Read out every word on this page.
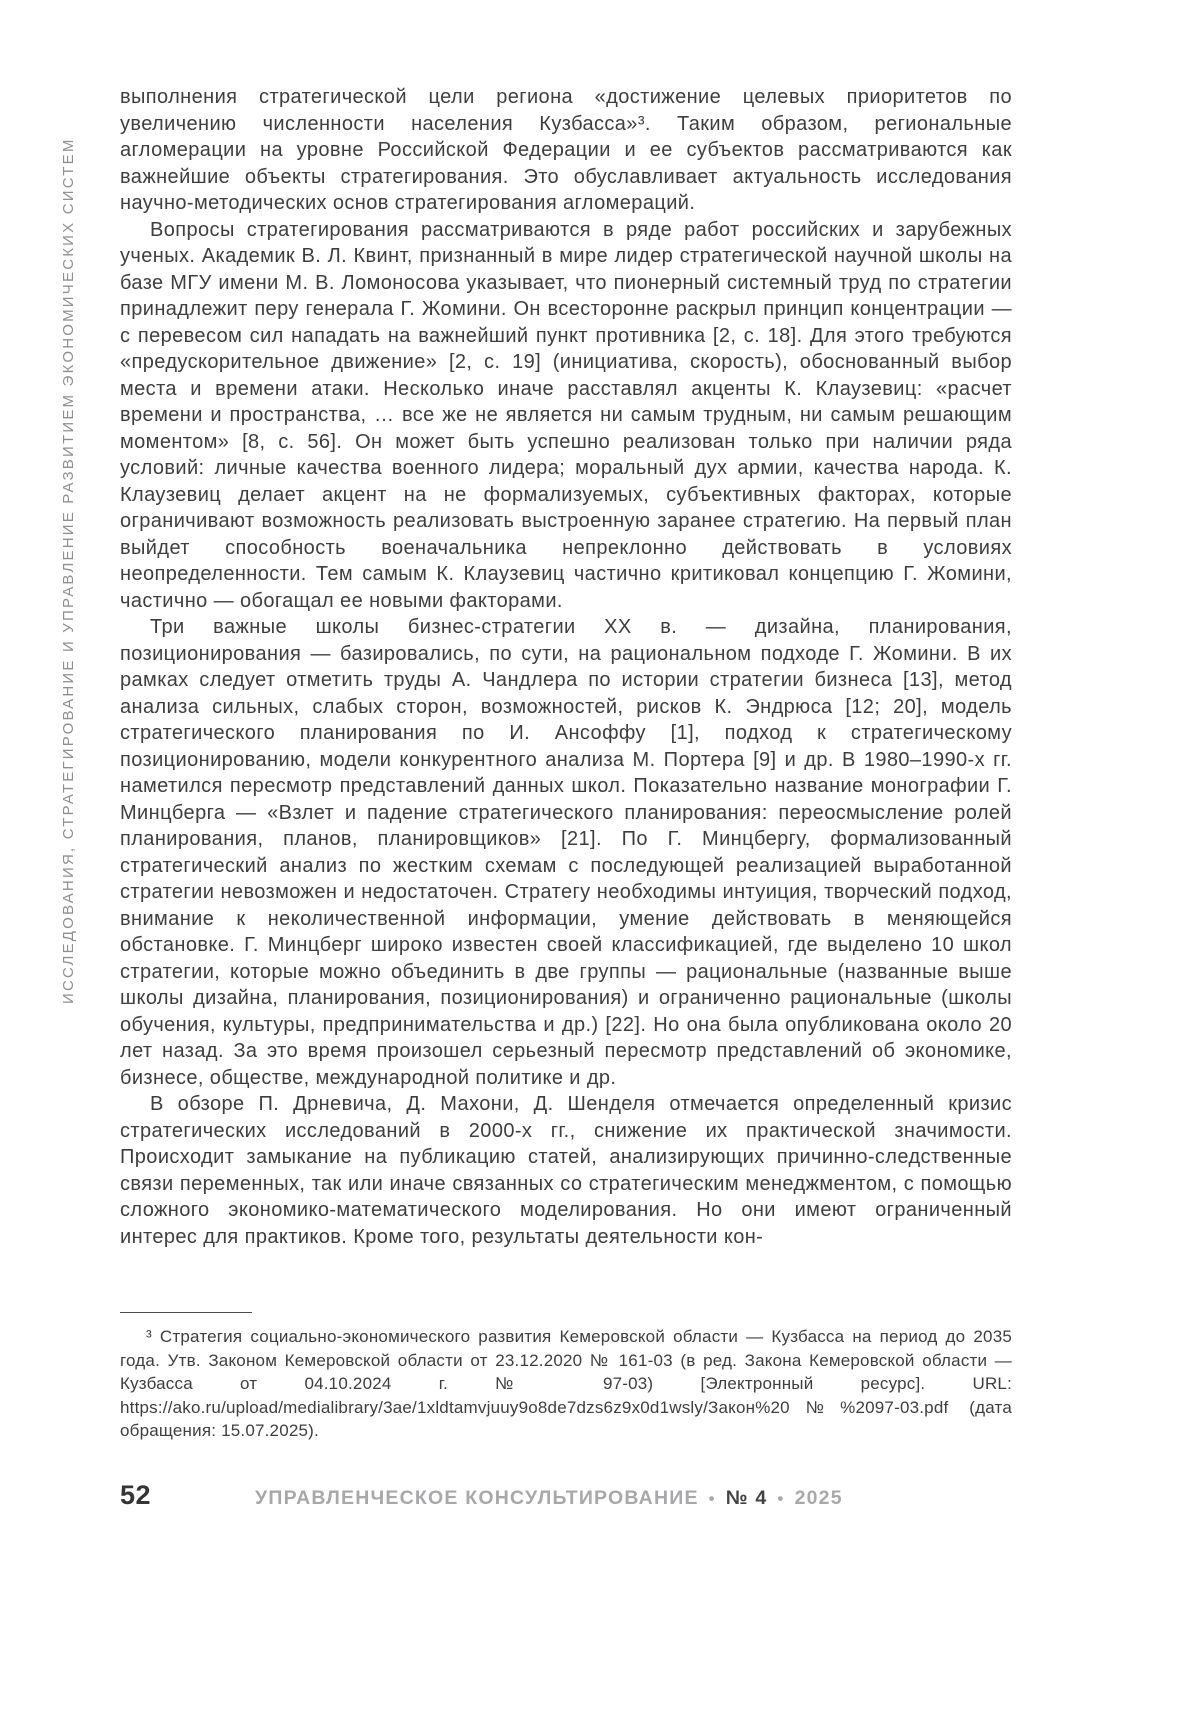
ИССЛЕДОВАНИЯ, СТРАТЕГИРОВАНИЕ И УПРАВЛЕНИЕ РАЗВИТИЕМ ЭКОНОМИЧЕСКИХ СИСТЕМ

выполнения стратегической цели региона «достижение целевых приоритетов по увеличению численности населения Кузбасса»³. Таким образом, региональные агломерации на уровне Российской Федерации и ее субъектов рассматриваются как важнейшие объекты стратегирования. Это обуславливает актуальность исследования научно-методических основ стратегирования агломераций.

Вопросы стратегирования рассматриваются в ряде работ российских и зарубежных ученых. Академик В. Л. Квинт, признанный в мире лидер стратегической научной школы на базе МГУ имени М. В. Ломоносова указывает, что пионерный системный труд по стратегии принадлежит перу генерала Г. Жомини. Он всесторонне раскрыл принцип концентрации — с перевесом сил нападать на важнейший пункт противника [2, с. 18]. Для этого требуются «предускорительное движение» [2, с. 19] (инициатива, скорость), обоснованный выбор места и времени атаки. Несколько иначе расставлял акценты К. Клаузевиц: «расчет времени и пространства, … все же не является ни самым трудным, ни самым решающим моментом» [8, с. 56]. Он может быть успешно реализован только при наличии ряда условий: личные качества военного лидера; моральный дух армии, качества народа. К. Клаузевиц делает акцент на не формализуемых, субъективных факторах, которые ограничивают возможность реализовать выстроенную заранее стратегию. На первый план выйдет способность военачальника непреклонно действовать в условиях неопределенности. Тем самым К. Клаузевиц частично критиковал концепцию Г. Жомини, частично — обогащал ее новыми факторами.

Три важные школы бизнес-стратегии XX в. — дизайна, планирования, позиционирования — базировались, по сути, на рациональном подходе Г. Жомини. В их рамках следует отметить труды А. Чандлера по истории стратегии бизнеса [13], метод анализа сильных, слабых сторон, возможностей, рисков К. Эндрюса [12; 20], модель стратегического планирования по И. Ансоффу [1], подход к стратегическому позиционированию, модели конкурентного анализа М. Портера [9] и др. В 1980–1990-х гг. наметился пересмотр представлений данных школ. Показательно название монографии Г. Минцберга — «Взлет и падение стратегического планирования: переосмысление ролей планирования, планов, планировщиков» [21]. По Г. Минцбергу, формализованный стратегический анализ по жестким схемам с последующей реализацией выработанной стратегии невозможен и недостаточен. Стратегу необходимы интуиция, творческий подход, внимание к неколичественной информации, умение действовать в меняющейся обстановке. Г. Минцберг широко известен своей классификацией, где выделено 10 школ стратегии, которые можно объединить в две группы — рациональные (названные выше школы дизайна, планирования, позиционирования) и ограниченно рациональные (школы обучения, культуры, предпринимательства и др.) [22]. Но она была опубликована около 20 лет назад. За это время произошел серьезный пересмотр представлений об экономике, бизнесе, обществе, международной политике и др.

В обзоре П. Дрневича, Д. Махони, Д. Шенделя отмечается определенный кризис стратегических исследований в 2000-х гг., снижение их практической значимости. Происходит замыкание на публикацию статей, анализирующих причинно-следственные связи переменных, так или иначе связанных со стратегическим менеджментом, с помощью сложного экономико-математического моделирования. Но они имеют ограниченный интерес для практиков. Кроме того, результаты деятельности кон-

³ Стратегия социально-экономического развития Кемеровской области — Кузбасса на период до 2035 года. Утв. Законом Кемеровской области от 23.12.2020 № 161-03 (в ред. Закона Кемеровской области — Кузбасса от 04.10.2024 г. № 97-03) [Электронный ресурс]. URL: https://ako.ru/upload/medialibrary/3ae/1xldtamvjuuy9o8de7dzs6z9x0d1wsly/Закон%20№%2097-03.pdf (дата обращения: 15.07.2025).

52	УПРАВЛЕНЧЕСКОЕ КОНСУЛЬТИРОВАНИЕ • № 4 • 2025
